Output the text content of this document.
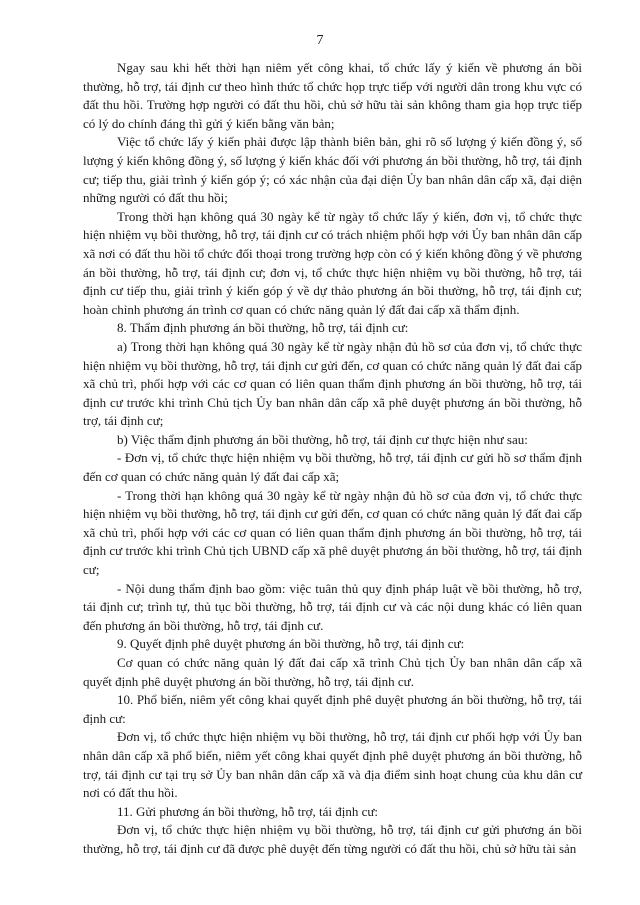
7

Ngay sau khi hết thời hạn niêm yết công khai, tổ chức lấy ý kiến về phương án bồi thường, hỗ trợ, tái định cư theo hình thức tổ chức họp trực tiếp với người dân trong khu vực có đất thu hồi. Trường hợp người có đất thu hồi, chủ sở hữu tài sản không tham gia họp trực tiếp có lý do chính đáng thì gửi ý kiến bằng văn bản;

Việc tổ chức lấy ý kiến phải được lập thành biên bản, ghi rõ số lượng ý kiến đồng ý, số lượng ý kiến không đồng ý, số lượng ý kiến khác đối với phương án bồi thường, hỗ trợ, tái định cư; tiếp thu, giải trình ý kiến góp ý; có xác nhận của đại diện Ủy ban nhân dân cấp xã, đại diện những người có đất thu hồi;

Trong thời hạn không quá 30 ngày kể từ ngày tổ chức lấy ý kiến, đơn vị, tổ chức thực hiện nhiệm vụ bồi thường, hỗ trợ, tái định cư có trách nhiệm phối hợp với Ủy ban nhân dân cấp xã nơi có đất thu hồi tổ chức đối thoại trong trường hợp còn có ý kiến không đồng ý về phương án bồi thường, hỗ trợ, tái định cư; đơn vị, tổ chức thực hiện nhiệm vụ bồi thường, hỗ trợ, tái định cư tiếp thu, giải trình ý kiến góp ý về dự thảo phương án bồi thường, hỗ trợ, tái định cư; hoàn chỉnh phương án trình cơ quan có chức năng quản lý đất đai cấp xã thẩm định.

8. Thẩm định phương án bồi thường, hỗ trợ, tái định cư:

a) Trong thời hạn không quá 30 ngày kể từ ngày nhận đủ hồ sơ của đơn vị, tổ chức thực hiện nhiệm vụ bồi thường, hỗ trợ, tái định cư gửi đến, cơ quan có chức năng quản lý đất đai cấp xã chủ trì, phối hợp với các cơ quan có liên quan thẩm định phương án bồi thường, hỗ trợ, tái định cư trước khi trình Chủ tịch Ủy ban nhân dân cấp xã phê duyệt phương án bồi thường, hỗ trợ, tái định cư;

b) Việc thẩm định phương án bồi thường, hỗ trợ, tái định cư thực hiện như sau:

- Đơn vị, tổ chức thực hiện nhiệm vụ bồi thường, hỗ trợ, tái định cư gửi hồ sơ thẩm định đến cơ quan có chức năng quản lý đất đai cấp xã;

- Trong thời hạn không quá 30 ngày kể từ ngày nhận đủ hồ sơ của đơn vị, tổ chức thực hiện nhiệm vụ bồi thường, hỗ trợ, tái định cư gửi đến, cơ quan có chức năng quản lý đất đai cấp xã chủ trì, phối hợp với các cơ quan có liên quan thẩm định phương án bồi thường, hỗ trợ, tái định cư trước khi trình Chủ tịch UBND cấp xã phê duyệt phương án bồi thường, hỗ trợ, tái định cư;

- Nội dung thẩm định bao gồm: việc tuân thủ quy định pháp luật về bồi thường, hỗ trợ, tái định cư; trình tự, thủ tục bồi thường, hỗ trợ, tái định cư và các nội dung khác có liên quan đến phương án bồi thường, hỗ trợ, tái định cư.

9. Quyết định phê duyệt phương án bồi thường, hỗ trợ, tái định cư:

Cơ quan có chức năng quản lý đất đai cấp xã trình Chủ tịch Ủy ban nhân dân cấp xã quyết định phê duyệt phương án bồi thường, hỗ trợ, tái định cư.

10. Phổ biến, niêm yết công khai quyết định phê duyệt phương án bồi thường, hỗ trợ, tái định cư:

Đơn vị, tổ chức thực hiện nhiệm vụ bồi thường, hỗ trợ, tái định cư phối hợp với Ủy ban nhân dân cấp xã phổ biến, niêm yết công khai quyết định phê duyệt phương án bồi thường, hỗ trợ, tái định cư tại trụ sở Ủy ban nhân dân cấp xã và địa điểm sinh hoạt chung của khu dân cư nơi có đất thu hồi.

11. Gửi phương án bồi thường, hỗ trợ, tái định cư:

Đơn vị, tổ chức thực hiện nhiệm vụ bồi thường, hỗ trợ, tái định cư gửi phương án bồi thường, hỗ trợ, tái định cư đã được phê duyệt đến từng người có đất thu hồi, chủ sở hữu tài sản
